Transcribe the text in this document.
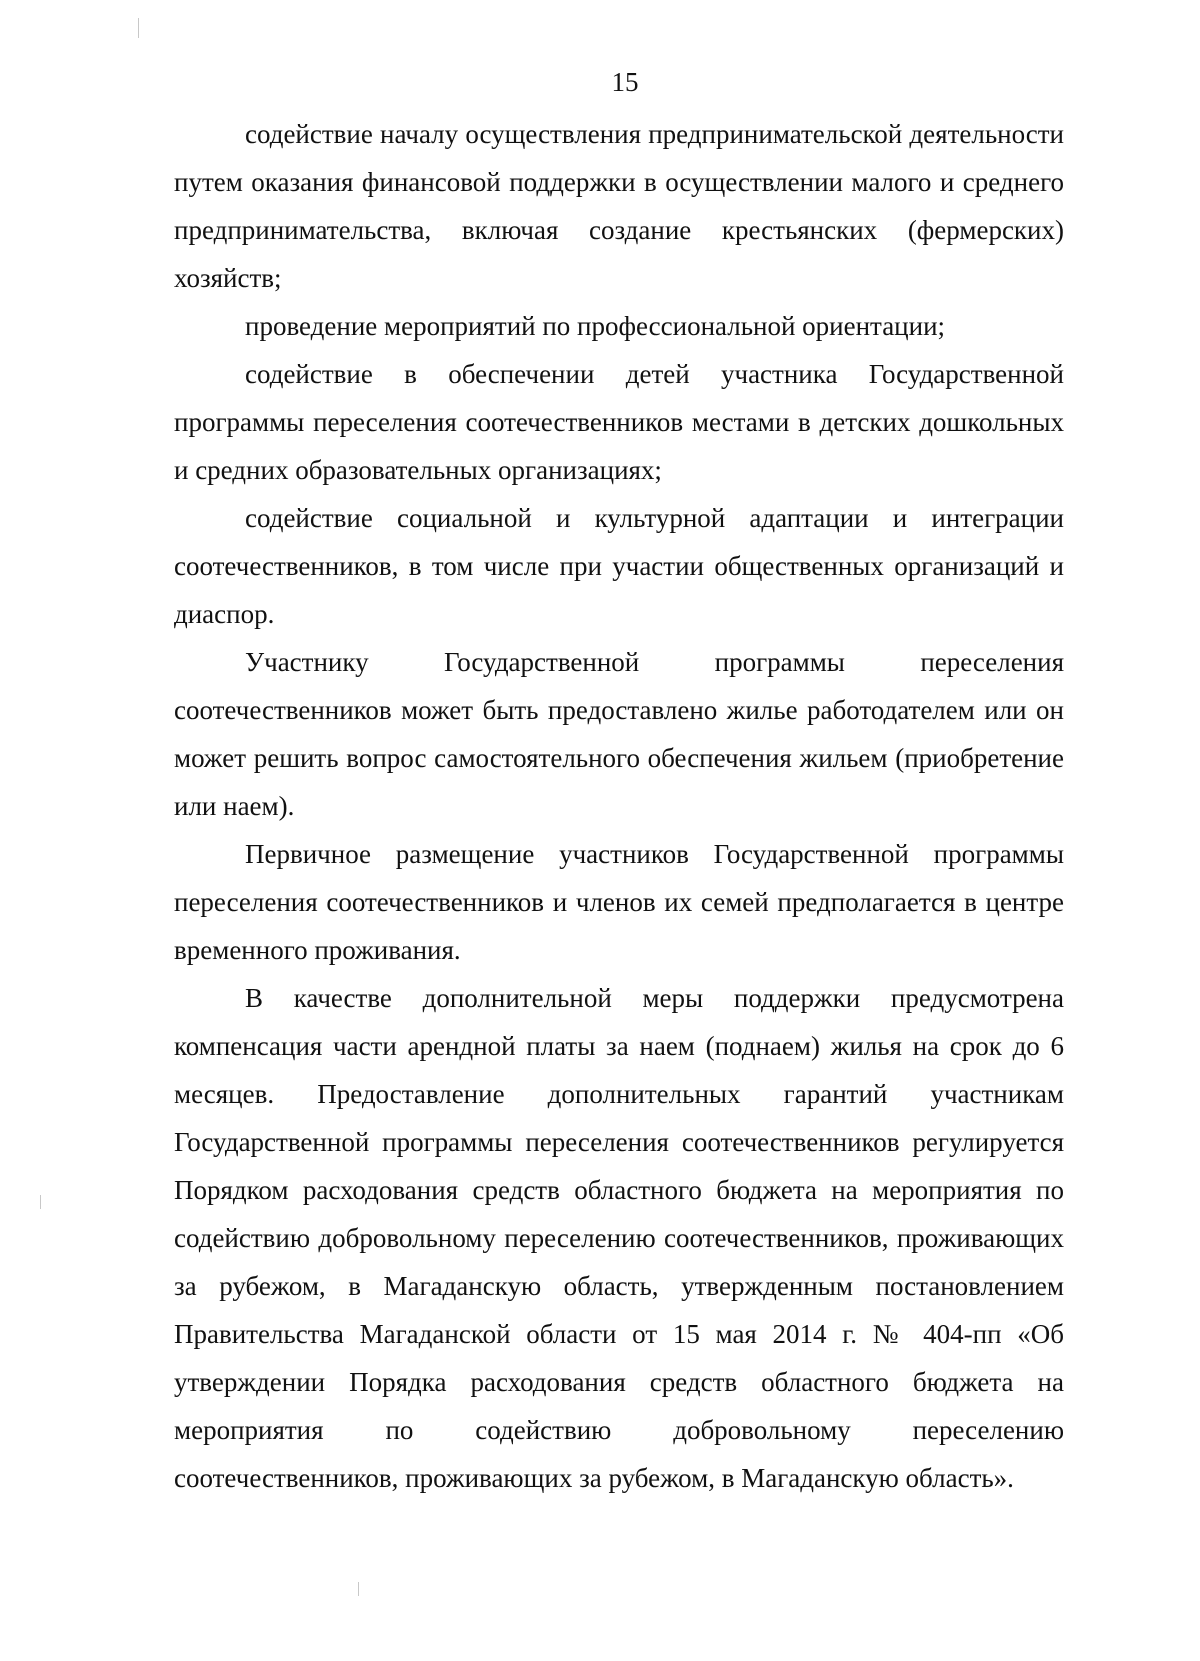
15

содействие началу осуществления предпринимательской деятельности путем оказания финансовой поддержки в осуществлении малого и среднего предпринимательства, включая создание крестьянских (фермерских) хозяйств;

проведение мероприятий по профессиональной ориентации;

содействие в обеспечении детей участника Государственной программы переселения соотечественников местами в детских дошкольных и средних образовательных организациях;

содействие социальной и культурной адаптации и интеграции соотечественников, в том числе при участии общественных организаций и диаспор.

Участнику Государственной программы переселения соотечественников может быть предоставлено жилье работодателем или он может решить вопрос самостоятельного обеспечения жильем (приобретение или наем).

Первичное размещение участников Государственной программы переселения соотечественников и членов их семей предполагается в центре временного проживания.

В качестве дополнительной меры поддержки предусмотрена компенсация части арендной платы за наем (поднаем) жилья на срок до 6 месяцев. Предоставление дополнительных гарантий участникам Государственной программы переселения соотечественников регулируется Порядком расходования средств областного бюджета на мероприятия по содействию добровольному переселению соотечественников, проживающих за рубежом, в Магаданскую область, утвержденным постановлением Правительства Магаданской области от 15 мая 2014 г. № 404-пп «Об утверждении Порядка расходования средств областного бюджета на мероприятия по содействию добровольному переселению соотечественников, проживающих за рубежом, в Магаданскую область».
